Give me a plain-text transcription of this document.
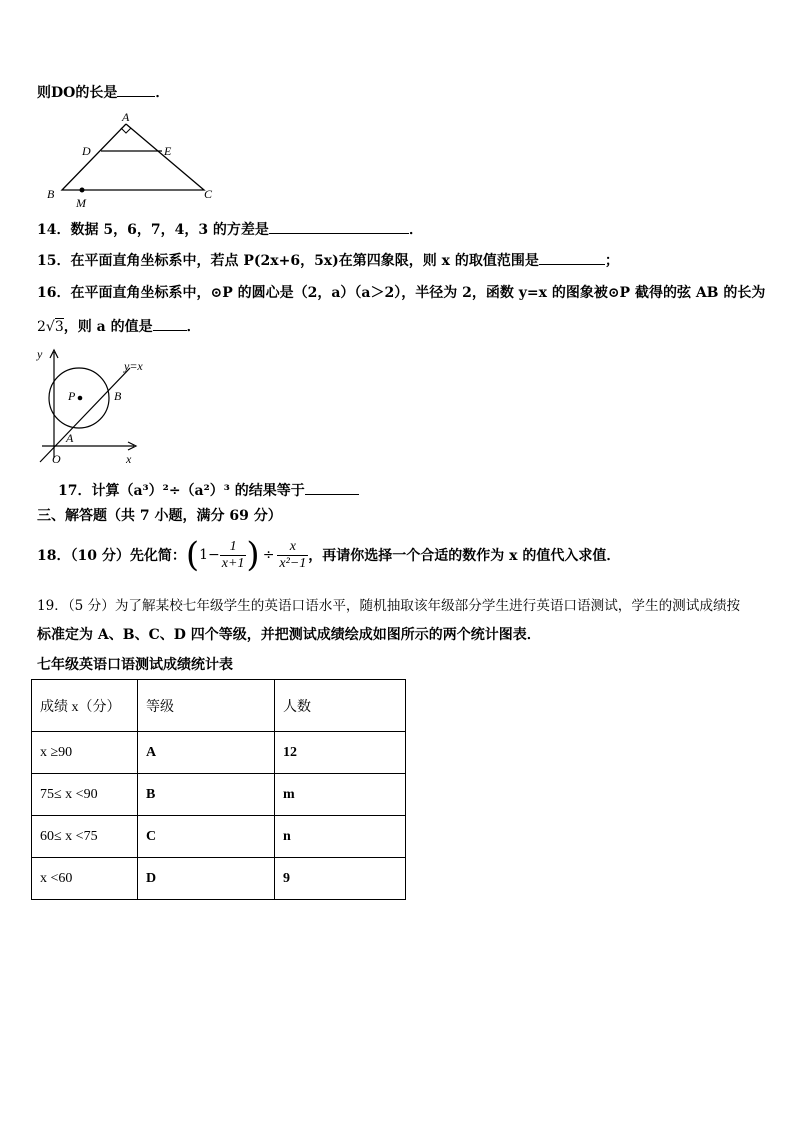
则DO的长是	．
A
D	E
B	C
M
14．数据 5，6，7，4，3 的方差是	．
15．在平面直角坐标系中，若点 P(2x+6，5x)在第四象限，则 x 的取值范围是	；
16．在平面直角坐标系中，⊙P 的圆心是（2，a）（a＞2），半径为 2，函数 y=x 的图象被⊙P 截得的弦 AB 的长为
2√3，则 a 的值是 ．
y
y=x
P	B
A
O	x
17．计算（a³）²÷（a²）³ 的结果等于
三、解答题（共 7 小题，满分 69 分）
18．（10 分）先化简： ( $1- \frac{1}{x+1}$ ) ÷ $\frac{x}{\text{x²−1}}$ ，再请你选择一个合适的数作为 x 的值代入求值．
19．（5 分）为了解某校七年级学生的英语口语水平，随机抽取该年级部分学生进行英语口语测试，学生的测试成绩按
标准定为 A、B、C、D 四个等级，并把测试成绩绘成如图所示的两个统计图表．
七年级英语口语测试成绩统计表
成绩 x（分）	等级	人数
x ≥90	A	12
75≤ x <90	B	m
60≤ x <75	C	n
x <60	D	9
